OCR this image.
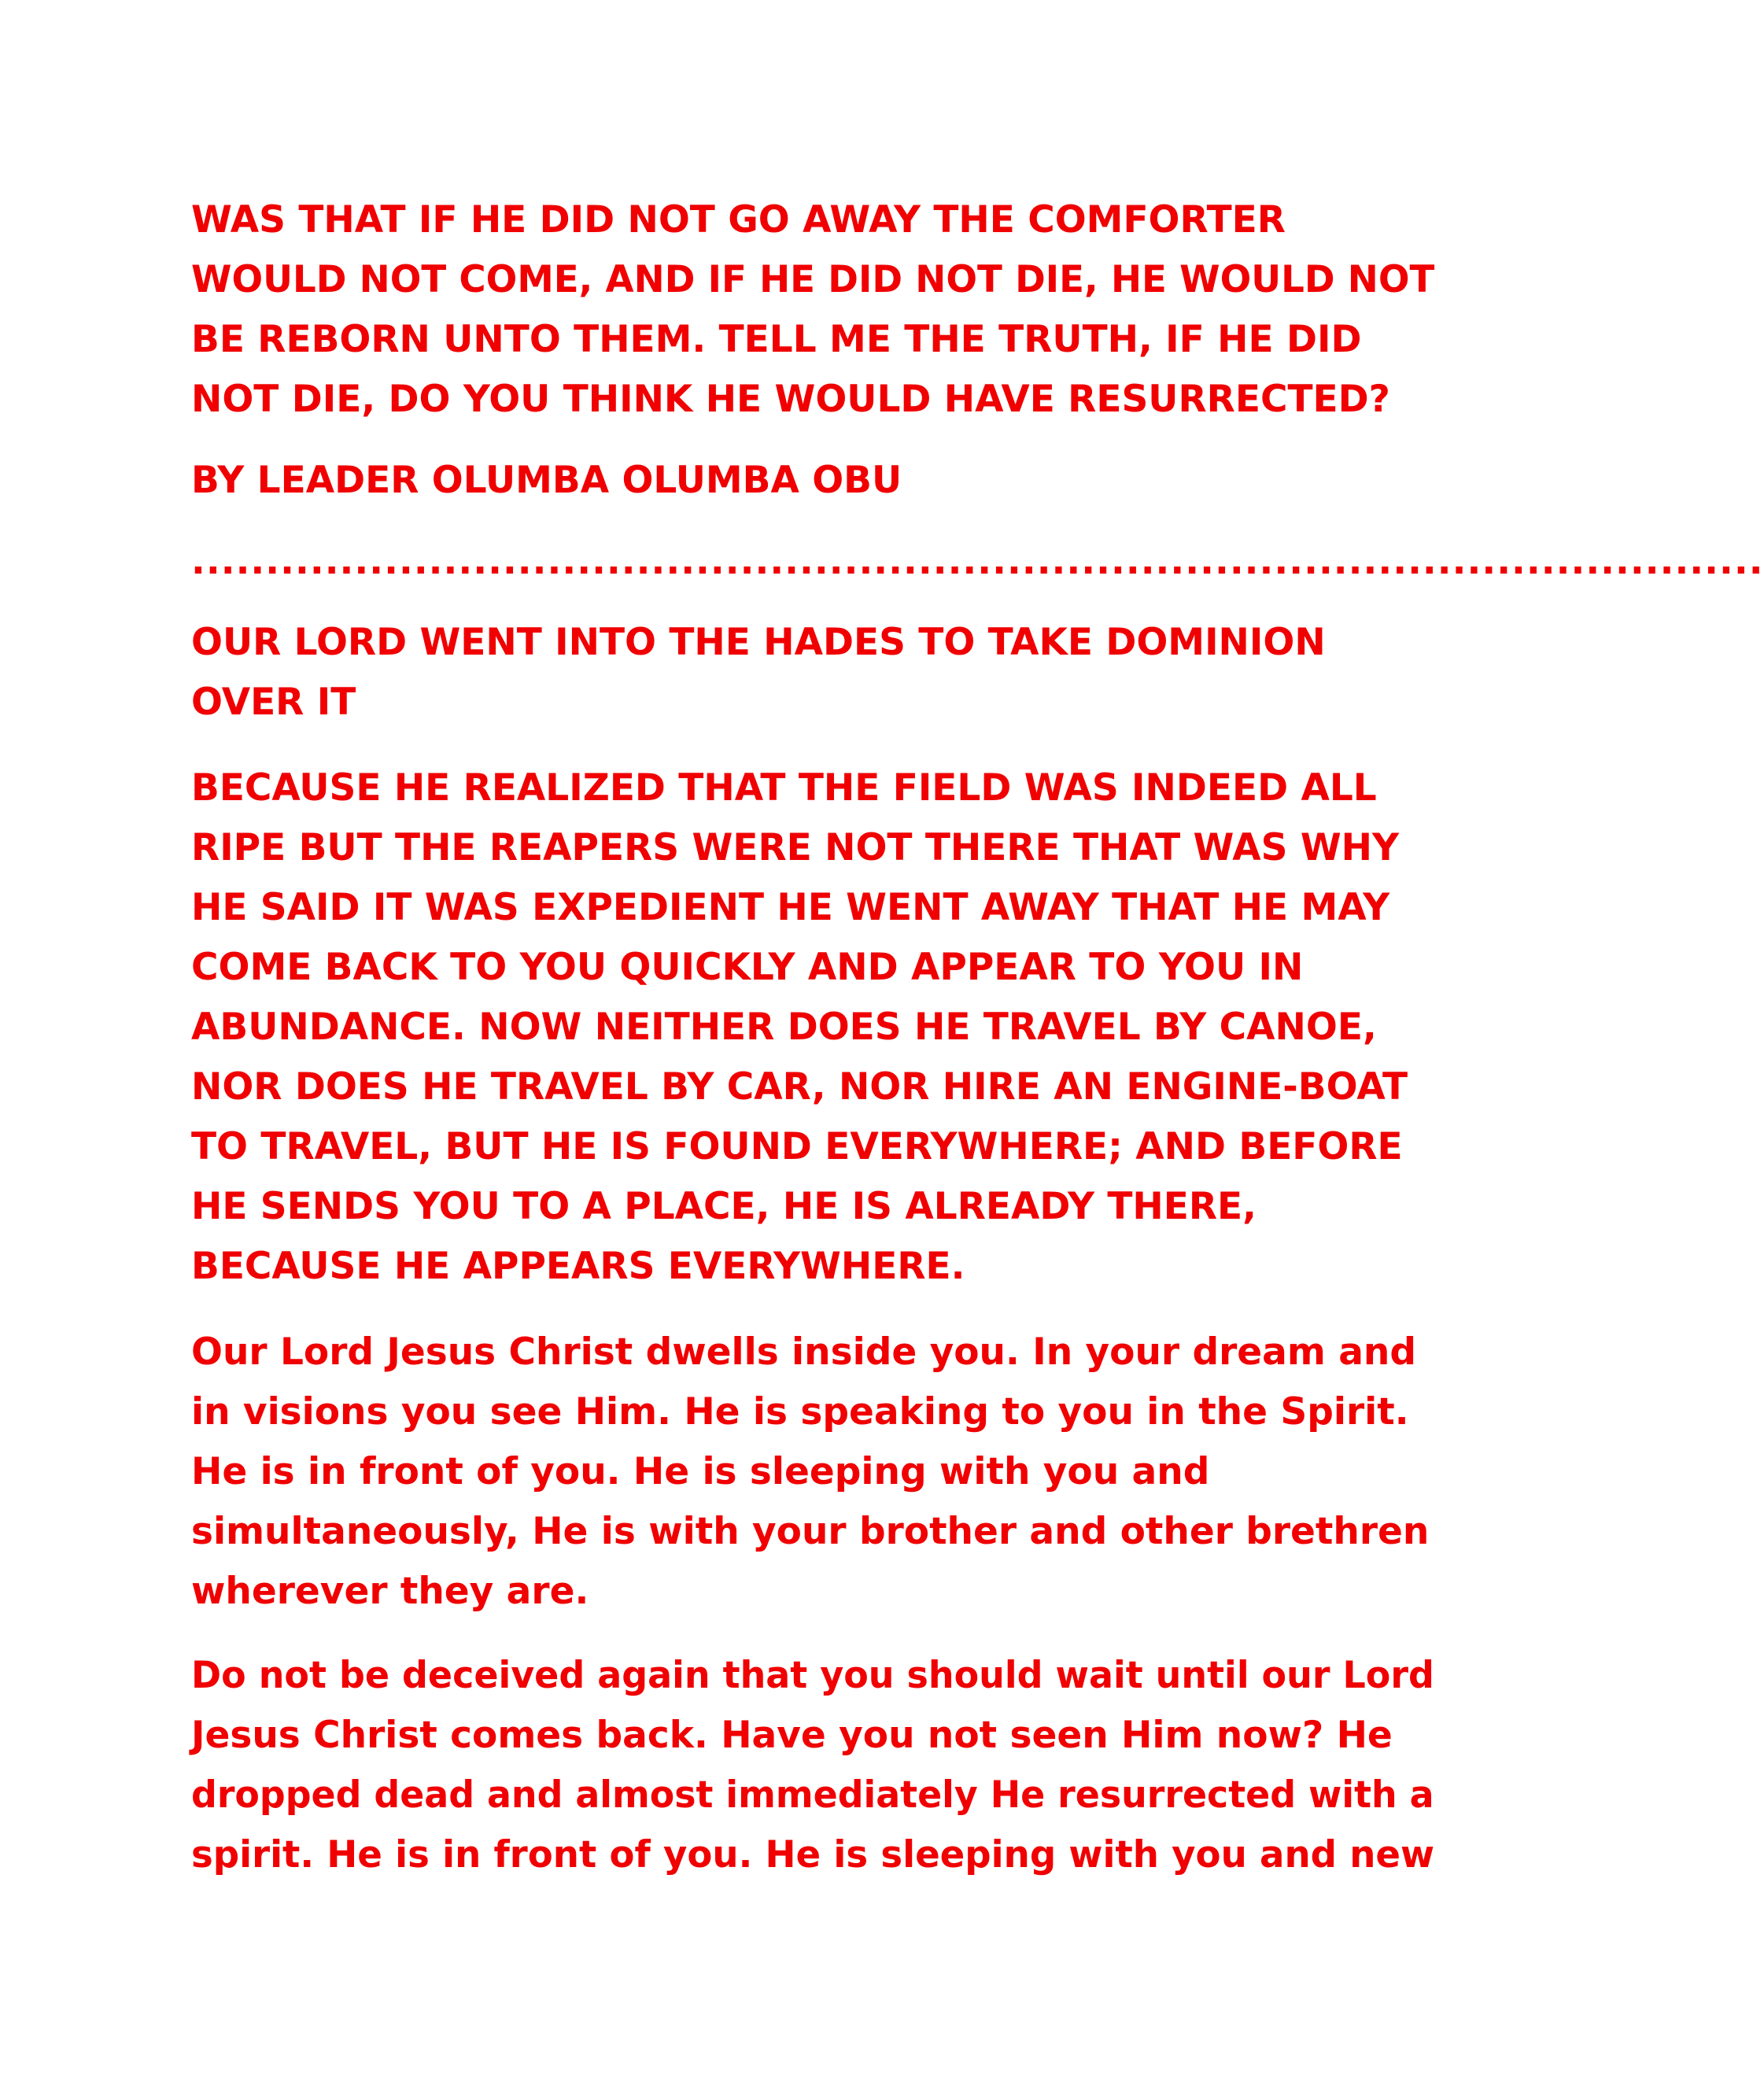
WAS THAT IF HE DID NOT GO AWAY THE COMFORTER
WOULD NOT COME, AND IF HE DID NOT DIE, HE WOULD NOT
BE REBORN UNTO THEM. TELL ME THE TRUTH, IF HE DID
NOT DIE, DO YOU THINK HE WOULD HAVE RESURRECTED?

BY LEADER OLUMBA OLUMBA OBU

..........................................................................................................

OUR LORD WENT INTO THE HADES TO TAKE DOMINION
OVER IT

BECAUSE HE REALIZED THAT THE FIELD WAS INDEED ALL
RIPE BUT THE REAPERS WERE NOT THERE THAT WAS WHY
HE SAID IT WAS EXPEDIENT HE WENT AWAY THAT HE MAY
COME BACK TO YOU QUICKLY AND APPEAR TO YOU IN
ABUNDANCE. NOW NEITHER DOES HE TRAVEL BY CANOE,
NOR DOES HE TRAVEL BY CAR, NOR HIRE AN ENGINE-BOAT
TO TRAVEL, BUT HE IS FOUND EVERYWHERE; AND BEFORE
HE SENDS YOU TO A PLACE, HE IS ALREADY THERE,
BECAUSE HE APPEARS EVERYWHERE.

Our Lord Jesus Christ dwells inside you. In your dream and
in visions you see Him. He is speaking to you in the Spirit.
He is in front of you. He is sleeping with you and
simultaneously, He is with your brother and other brethren
wherever they are.

Do not be deceived again that you should wait until our Lord
Jesus Christ comes back. Have you not seen Him now? He
dropped dead and almost immediately He resurrected with a
spirit. He is in front of you. He is sleeping with you and new
